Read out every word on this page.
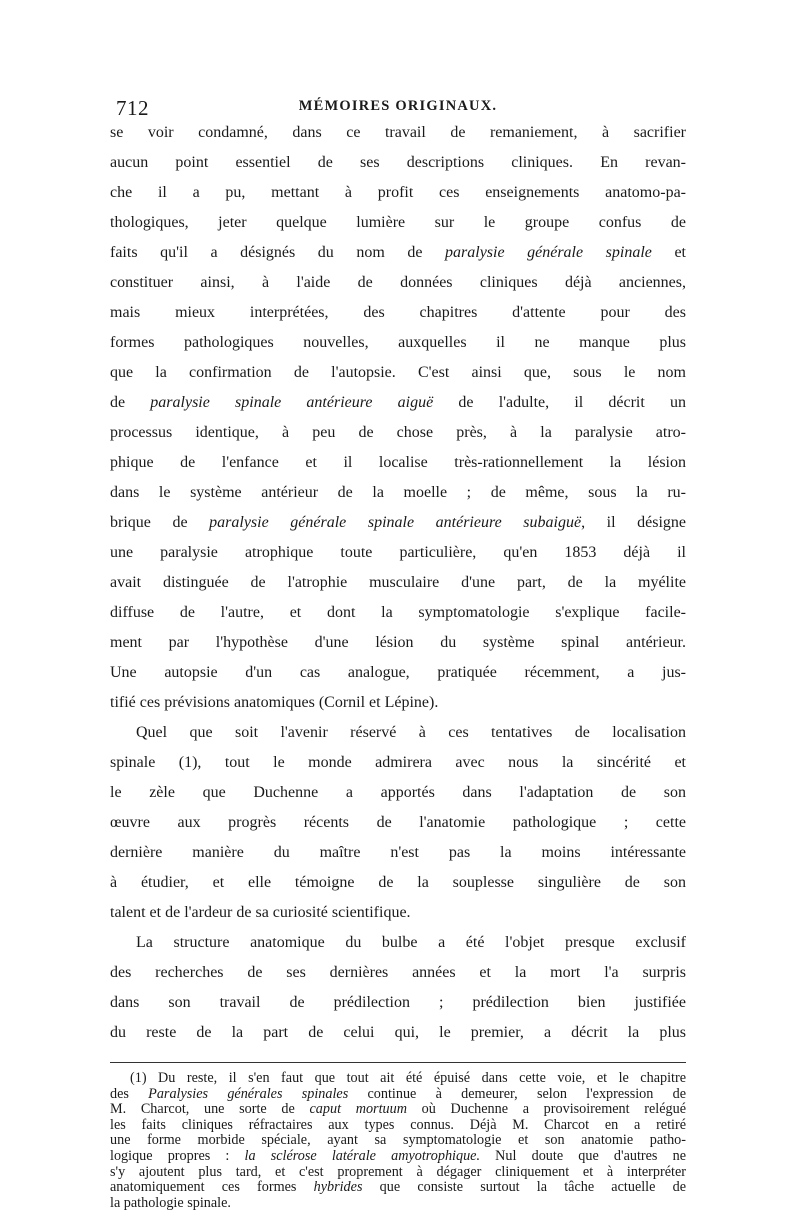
712	MÉMOIRES ORIGINAUX.
se voir condamné, dans ce travail de remaniement, à sacrifier
aucun point essentiel de ses descriptions cliniques. En revan-
che il a pu, mettant à profit ces enseignements anatomo-pa-
thologiques, jeter quelque lumière sur le groupe confus de
faits qu'il a désignés du nom de paralysie générale spinale et
constituer ainsi, à l'aide de données cliniques déjà anciennes,
mais mieux interprétées, des chapitres d'attente pour des
formes pathologiques nouvelles, auxquelles il ne manque plus
que la confirmation de l'autopsie. C'est ainsi que, sous le nom
de paralysie spinale antérieure aiguë de l'adulte, il décrit un
processus identique, à peu de chose près, à la paralysie atro-
phique de l'enfance et il localise très-rationnellement la lésion
dans le système antérieur de la moelle ; de même, sous la ru-
brique de paralysie générale spinale antérieure subaiguë, il désigne
une paralysie atrophique toute particulière, qu'en 1853 déjà il
avait distinguée de l'atrophie musculaire d'une part, de la myélite
diffuse de l'autre, et dont la symptomatologie s'explique facile-
ment par l'hypothèse d'une lésion du système spinal antérieur.
Une autopsie d'un cas analogue, pratiquée récemment, a jus-
tifié ces prévisions anatomiques (Cornil et Lépine).
Quel que soit l'avenir réservé à ces tentatives de localisation
spinale (1), tout le monde admirera avec nous la sincérité et
le zèle que Duchenne a apportés dans l'adaptation de son
œuvre aux progrès récents de l'anatomie pathologique ; cette
dernière manière du maître n'est pas la moins intéressante
à étudier, et elle témoigne de la souplesse singulière de son
talent et de l'ardeur de sa curiosité scientifique.
La structure anatomique du bulbe a été l'objet presque exclusif
des recherches de ses dernières années et la mort l'a surpris
dans son travail de prédilection ; prédilection bien justifiée
du reste de la part de celui qui, le premier, a décrit la plus
(1) Du reste, il s'en faut que tout ait été épuisé dans cette voie, et le chapitre
des Paralysies générales spinales continue à demeurer, selon l'expression de
M. Charcot, une sorte de caput mortuum où Duchenne a provisoirement relégué
les faits cliniques réfractaires aux types connus. Déjà M. Charcot en a retiré
une forme morbide spéciale, ayant sa symptomatologie et son anatomie patho-
logique propres : la sclérose latérale amyotrophique. Nul doute que d'autres ne
s'y ajoutent plus tard, et c'est proprement à dégager cliniquement et à interpréter
anatomiquement ces formes hybrides que consiste surtout la tâche actuelle de
la pathologie spinale.
